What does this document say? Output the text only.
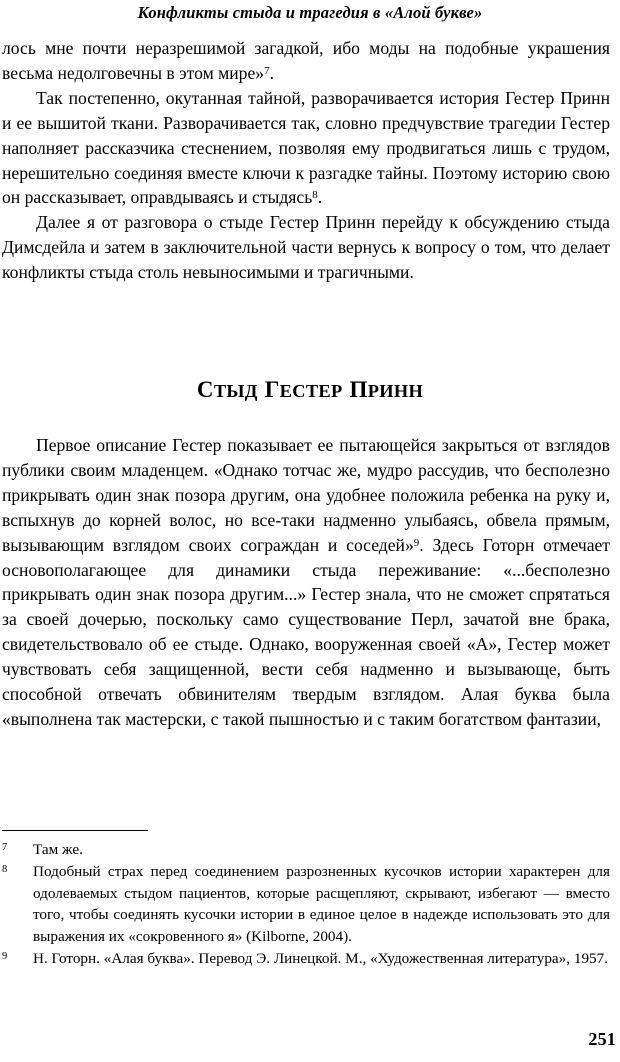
Конфликты стыда и трагедия в «Алой букве»

лось мне почти неразрешимой загадкой, ибо моды на подобные украшения весьма недолговечны в этом мире»$^7$.

Так постепенно, окутанная тайной, разворачивается история Гестер Принн и ее вышитой ткани. Разворачивается так, словно предчувствие трагедии Гестер наполняет рассказчика стеснением, позволяя ему продвигаться лишь с трудом, нерешительно соединяя вместе ключи к разгадке тайны. Поэтому историю свою он рассказывает, оправдываясь и стыдясь$^8$.

Далее я от разговора о стыде Гестер Принн перейду к обсуждению стыда Димсдейла и затем в заключительной части вернусь к вопросу о том, что делает конфликты стыда столь невыносимыми и трагичными.

СТЫД ГЕСТЕР ПРИНН

Первое описание Гестер показывает ее пытающейся закрыться от взглядов публики своим младенцем. «Однако тотчас же, мудро рассудив, что бесполезно прикрывать один знак позора другим, она удобнее положила ребенка на руку и, вспыхнув до корней волос, но все-таки надменно улыбаясь, обвела прямым, вызывающим взглядом своих сограждан и соседей»$^9$. Здесь Готорн отмечает основополагающее для динамики стыда переживание: «...бесполезно прикрывать один знак позора другим...» Гестер знала, что не сможет спрятаться за своей дочерью, поскольку само существование Перл, зачатой вне брака, свидетельствовало об ее стыде. Однако, вооруженная своей «А», Гестер может чувствовать себя защищенной, вести себя надменно и вызывающе, быть способной отвечать обвинителям твердым взглядом. Алая буква была «выполнена так мастерски, с такой пышностью и с таким богатством фантазии,

7 Там же.
8 Подобный страх перед соединением разрозненных кусочков истории характерен для одолеваемых стыдом пациентов, которые расщепляют, скрывают, избегают — вместо того, чтобы соединять кусочки истории в единое целое в надежде использовать это для выражения их «сокровенного я» (Kilborne, 2004).
9 Н. Готорн. «Алая буква». Перевод Э. Линецкой. М., «Художественная литература», 1957.
251
